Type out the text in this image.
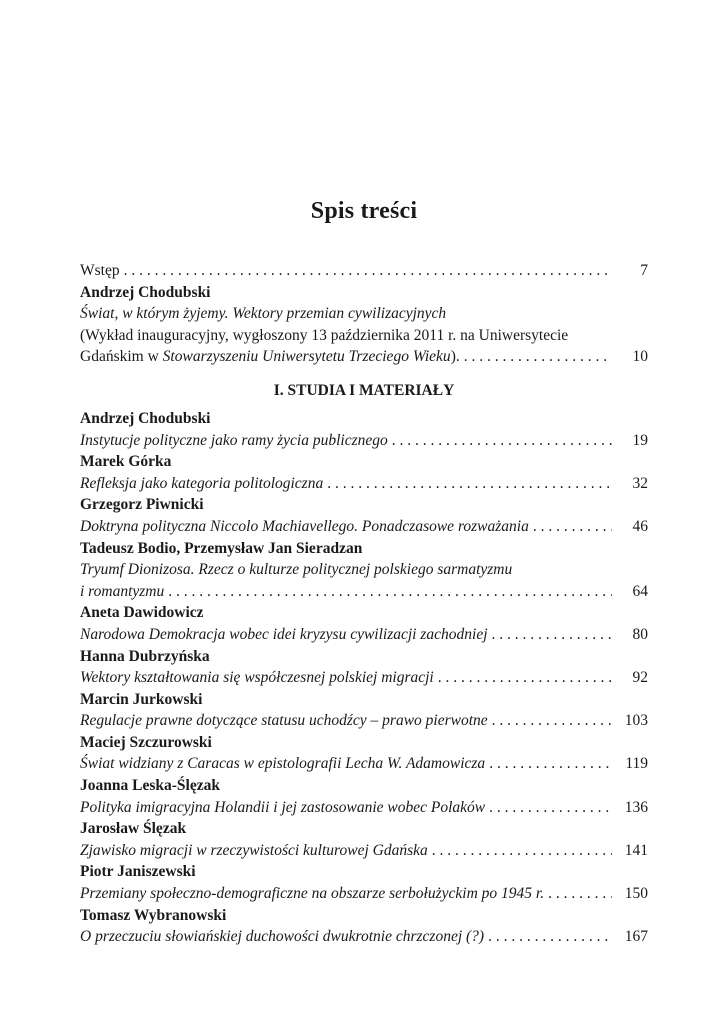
Spis treści
Wstęp . . .	7
Andrzej Chodubski
Świat, w którym żyjemy. Wektory przemian cywilizacyjnych
(Wykład inauguracyjny, wygłoszony 13 października 2011 r. na Uniwersytecie
Gdańskim w Stowarzyszeniu Uniwersytetu Trzeciego Wieku). . . .	10
I. STUDIA I MATERIAŁY
Andrzej Chodubski
Instytucje polityczne jako ramy życia publicznego . . .	19
Marek Górka
Refleksja jako kategoria politologiczna . . .	32
Grzegorz Piwnicki
Doktryna polityczna Niccolo Machiavellego. Ponadczasowe rozważania . . .	46
Tadeusz Bodio, Przemysław Jan Sieradzan
Tryumf Dionizosa. Rzecz o kulturze politycznej polskiego sarmatyzmu
i romantyzmu . . .	64
Aneta Dawidowicz
Narodowa Demokracja wobec idei kryzysu cywilizacji zachodniej . . .	80
Hanna Dubrzyńska
Wektory kształtowania się współczesnej polskiej migracji . . .	92
Marcin Jurkowski
Regulacje prawne dotyczące statusu uchodźcy – prawo pierwotne . . .	103
Maciej Szczurowski
Świat widziany z Caracas w epistolografii Lecha W. Adamowicza . . .	119
Joanna Leska-Ślęzak
Polityka imigracyjna Holandii i jej zastosowanie wobec Polaków . . .	136
Jarosław Ślęzak
Zjawisko migracji w rzeczywistości kulturowej Gdańska . . .	141
Piotr Janiszewski
Przemiany społeczno-demograficzne na obszarze serbołużyckim po 1945 r. . . .	150
Tomasz Wybranowski
O przeczuciu słowiańskiej duchowości dwukrotnie chrzczonej (?) . . .	167
